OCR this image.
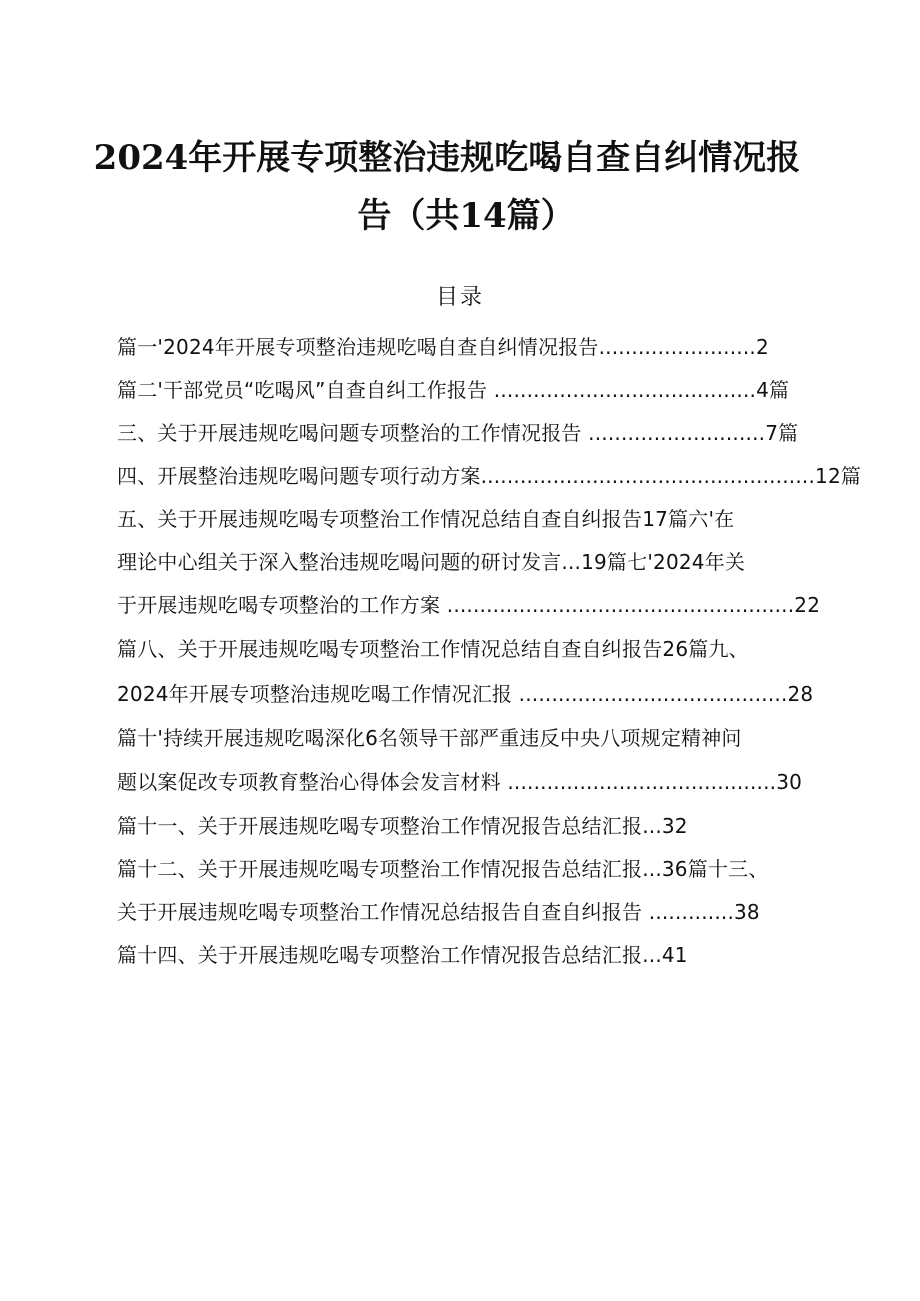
2024年开展专项整治违规吃喝自查自纠情况报
告（共14篇）
目录
篇一'2024年开展专项整治违规吃喝自查自纠情况报告........................2
篇二'干部党员“吃喝风”自查自纠工作报告 ........................................4篇
三、关于开展违规吃喝问题专项整治的工作情况报告 ...........................7篇
四、开展整治违规吃喝问题专项行动方案...................................................12篇
五、关于开展违规吃喝专项整治工作情况总结自查自纠报告17篇六'在
理论中心组关于深入整治违规吃喝问题的研讨发言...19篇七'2024年关
于开展违规吃喝专项整治的工作方案 .....................................................22
篇八、关于开展违规吃喝专项整治工作情况总结自查自纠报告26篇九、
2024年开展专项整治违规吃喝工作情况汇报 .........................................28
篇十'持续开展违规吃喝深化6名领导干部严重违反中央八项规定精神问
题以案促改专项教育整治心得体会发言材料 .........................................30
篇十一、关于开展违规吃喝专项整治工作情况报告总结汇报...32
篇十二、关于开展违规吃喝专项整治工作情况报告总结汇报...36篇十三、
关于开展违规吃喝专项整治工作情况总结报告自查自纠报告 .............38
篇十四、关于开展违规吃喝专项整治工作情况报告总结汇报...41
